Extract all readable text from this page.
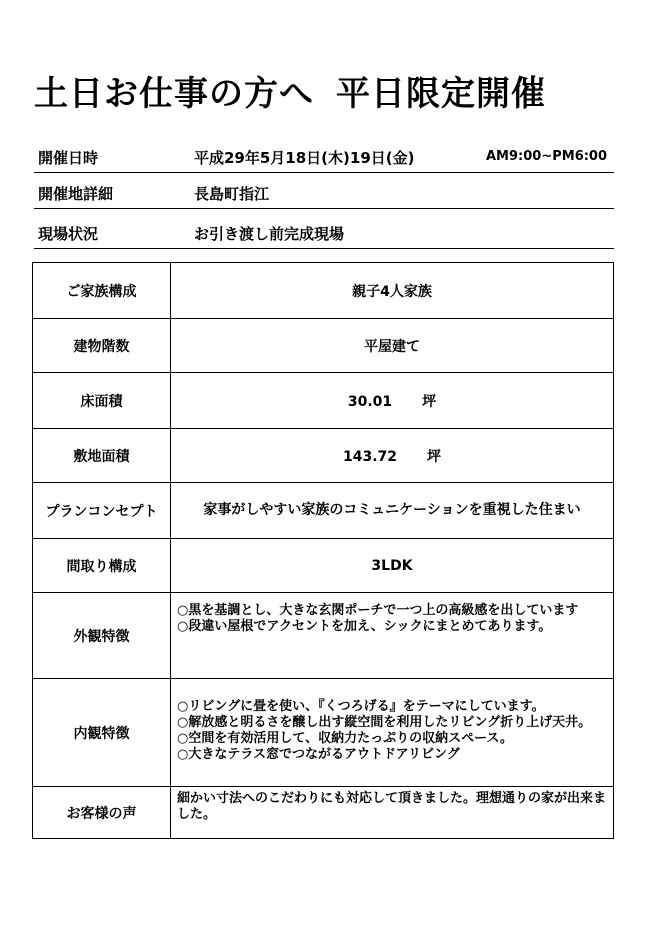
土日お仕事の方へ 平日限定開催
開催日時	平成29年5月18日(木)19日(金)	AM9:00~PM6:00
開催地詳細	長島町指江
現場状況	お引き渡し前完成現場
ご家族構成	親子4人家族
建物階数	平屋建て
床面積	30.01 坪
敷地面積	143.72 坪
プランコンセプト	家事がしやすい家族のコミュニケーションを重視した住まい
間取り構成	3LDK
外観特徴	○黒を基調とし、大きな玄関ポーチで一つ上の高級感を出しています
○段違い屋根でアクセントを加え、シックにまとめてあります。

内観特徴	○リビングに畳を使い、『くつろげる』をテーマにしています。
○解放感と明るさを醸し出す縦空間を利用したリビング折り上げ天井。
○空間を有効活用して、収納力たっぷりの収納スペース。
○大きなテラス窓でつながるアウトドアリビング

お客様の声	細かい寸法へのこだわりにも対応して頂きました。理想通りの家が出来ました。
